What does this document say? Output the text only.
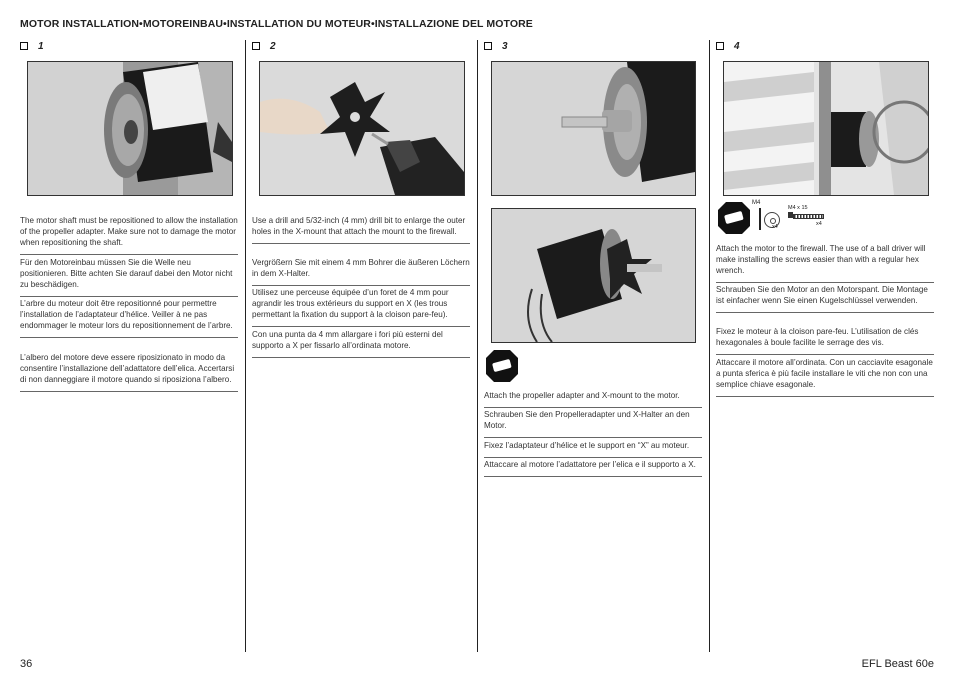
MOTOR INSTALLATION•MOTOREINBAU•INSTALLATION DU MOTEUR•INSTALLAZIONE DEL MOTORE
1
The motor shaft must be repositioned to allow the installation of the propeller adapter. Make sure not to damage the motor when repositioning the shaft.
Für den Motoreinbau müssen Sie die Welle neu positionieren. Bitte achten Sie darauf dabei den Motor nicht zu beschädigen.
L’arbre du moteur doit être repositionné pour permettre l’installation de l’adaptateur d’hélice. Veiller à ne pas endommager le moteur lors du repositionnement de l’arbre.
L’albero del motore deve essere riposizionato in modo da consentire l’installazione dell’adattatore dell’elica. Accertarsi di non danneggiare il motore quando si riposiziona l’albero.
2
Use a drill and 5/32-inch (4 mm) drill bit to enlarge the outer holes in the X-mount that attach the mount to the firewall.
Vergrößern Sie mit einem 4 mm Bohrer die äußeren Löchern in dem X-Halter.
Utilisez une perceuse équipée d’un foret de 4 mm pour agrandir les trous extérieurs du support en X (les trous permettant la fixation du support à la cloison pare-feu).
Con una punta da 4 mm allargare i fori più esterni del supporto a X per fissarlo all’ordinata motore.
3
Attach the propeller adapter and X-mount to the motor.
Schrauben Sie den Propelleradapter und X-Halter an den Motor.
Fixez l’adaptateur d’hélice et le support en “X” au moteur.
Attaccare al motore l’adattatore per l’elica e il supporto a X.
4
M4
x4
M4 x 15
x4
Attach the motor to the firewall. The use of a ball driver will make installing the screws easier than with a regular hex wrench.
Schrauben Sie den Motor an den Motorspant. Die Montage ist einfacher wenn Sie einen Kugelschlüssel verwenden.
Fixez le moteur à la cloison pare-feu. L’utilisation de clés hexagonales à boule facilite le serrage des vis.
Attaccare il motore all’ordinata. Con un cacciavite esagonale a punta sferica è più facile installare le viti che non con una semplice chiave esagonale.
36	EFL Beast 60e
